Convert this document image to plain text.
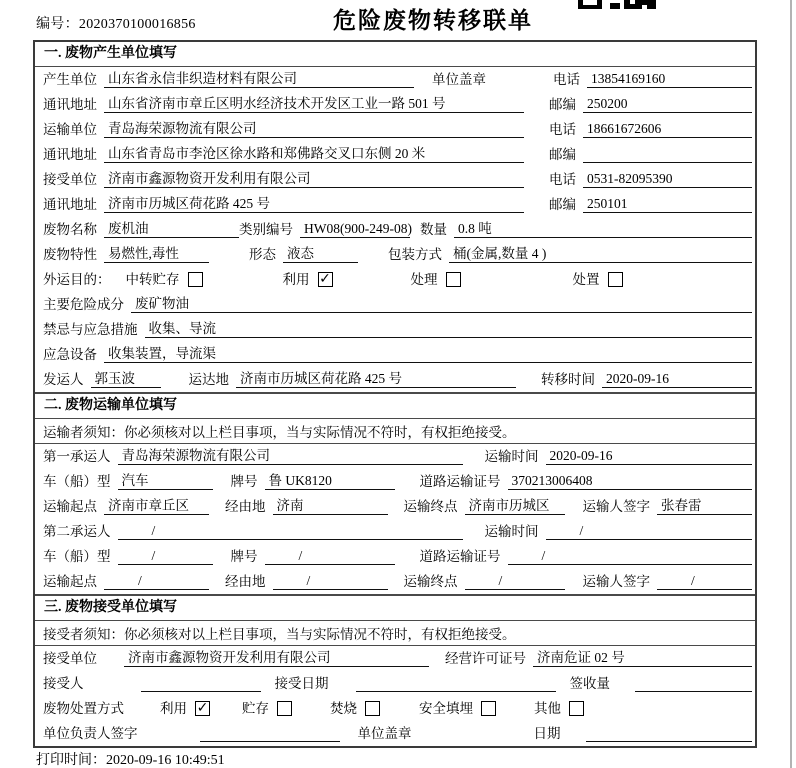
编号：2020370100016856	危险废物转移联单
一. 废物产生单位填写
产生单位 山东省永信非织造材料有限公司	单位盖章	电话 13854169160
通讯地址 山东省济南市章丘区明水经济技术开发区工业一路 501 号	邮编 250200
运输单位 青岛海荣源物流有限公司	电话 18661672606
通讯地址 山东省青岛市李沧区徐水路和郑佛路交叉口东侧 20 米	邮编
接受单位 济南市鑫源物资开发利用有限公司	电话 0531-82095390
通讯地址 济南市历城区荷花路 425 号	邮编 250101
废物名称 废机油	类别编号 HW08(900-249-08) 数量 0.8 吨
废物特性 易燃性,毒性	形态 液态	包装方式 桶(金属,数量 4 )
外运目的： 中转贮存	利用 ✓	处理	处置
主要危险成分 废矿物油
禁忌与应急措施 收集、导流
应急设备 收集装置，导流渠
发运人 郭玉波	运达地 济南市历城区荷花路 425 号	转移时间 2020-09-16
二. 废物运输单位填写
运输者须知：你必须核对以上栏目事项，当与实际情况不符时，有权拒绝接受。
第一承运人 青岛海荣源物流有限公司	运输时间 2020-09-16
车（船）型 汽车	牌号 鲁 UK8120	道路运输证号 370213006408
运输起点 济南市章丘区	经由地 济南	运输终点 济南市历城区	运输人签字 张春雷
第二承运人	/	运输时间	/
车（船）型	/	牌号	/	道路运输证号	/
运输起点	/	经由地	/	运输终点	/	运输人签字	/
三. 废物接受单位填写
接受者须知：你必须核对以上栏目事项，当与实际情况不符时，有权拒绝接受。
接受单位 济南市鑫源物资开发利用有限公司	经营许可证号 济南危证 02 号
接受人	接受日期	签收量
废物处置方式	利用 ✓ 贮存	焚烧	安全填埋	其他
单位负责人签字	单位盖章	日期
打印时间：2020-09-16 10:49:51
